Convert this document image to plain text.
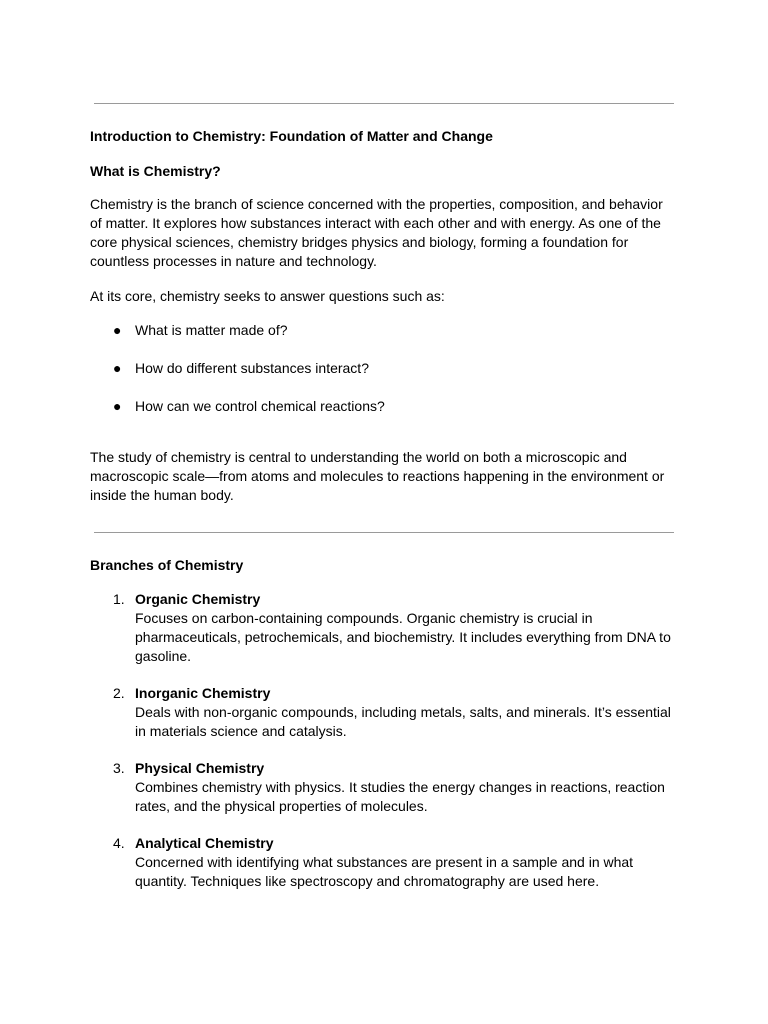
Introduction to Chemistry: Foundation of Matter and Change
What is Chemistry?

Chemistry is the branch of science concerned with the properties, composition, and behavior of matter. It explores how substances interact with each other and with energy. As one of the core physical sciences, chemistry bridges physics and biology, forming a foundation for countless processes in nature and technology.

At its core, chemistry seeks to answer questions such as:

● What is matter made of?
● How do different substances interact?
● How can we control chemical reactions?

The study of chemistry is central to understanding the world on both a microscopic and macroscopic scale—from atoms and molecules to reactions happening in the environment or inside the human body.

Branches of Chemistry
1. Organic Chemistry
Focuses on carbon-containing compounds. Organic chemistry is crucial in pharmaceuticals, petrochemicals, and biochemistry. It includes everything from DNA to gasoline.
2. Inorganic Chemistry
Deals with non-organic compounds, including metals, salts, and minerals. It’s essential in materials science and catalysis.
3. Physical Chemistry
Combines chemistry with physics. It studies the energy changes in reactions, reaction rates, and the physical properties of molecules.
4. Analytical Chemistry
Concerned with identifying what substances are present in a sample and in what quantity. Techniques like spectroscopy and chromatography are used here.
